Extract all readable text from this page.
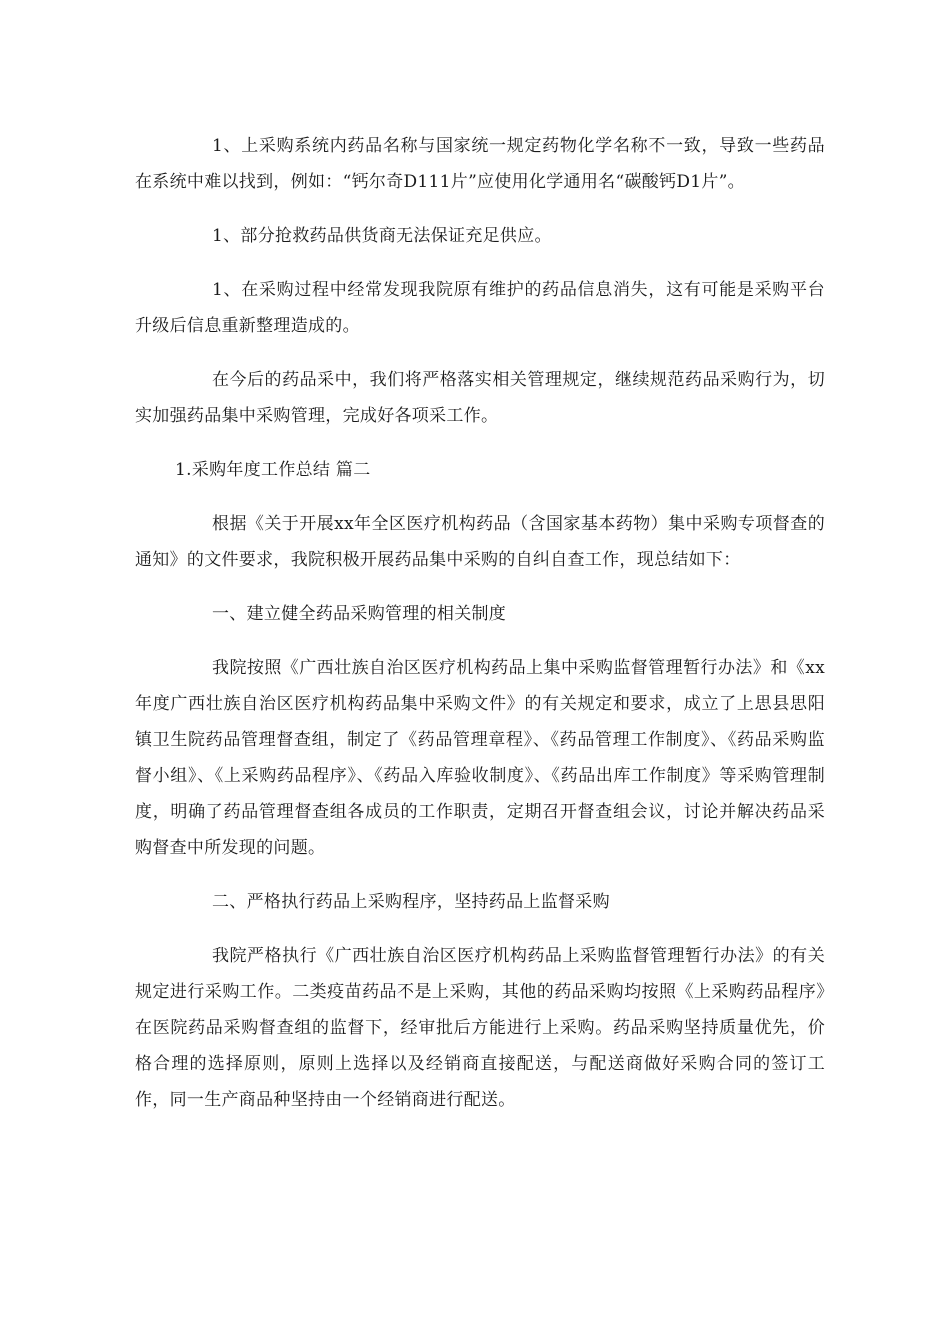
1、上采购系统内药品名称与国家统一规定药物化学名称不一致，导致一些药品在系统中难以找到，例如：“钙尔奇D111片”应使用化学通用名“碳酸钙D1片”。

1、部分抢救药品供货商无法保证充足供应。

1、在采购过程中经常发现我院原有维护的药品信息消失，这有可能是采购平台升级后信息重新整理造成的。

在今后的药品采中，我们将严格落实相关管理规定，继续规范药品采购行为，切实加强药品集中采购管理，完成好各项采工作。

1.采购年度工作总结 篇二

根据《关于开展xx年全区医疗机构药品（含国家基本药物）集中采购专项督查的通知》的文件要求，我院积极开展药品集中采购的自纠自查工作，现总结如下：

一、建立健全药品采购管理的相关制度

我院按照《广西壮族自治区医疗机构药品上集中采购监督管理暂行办法》和《xx年度广西壮族自治区医疗机构药品集中采购文件》的有关规定和要求，成立了上思县思阳镇卫生院药品管理督查组，制定了《药品管理章程》、《药品管理工作制度》、《药品采购监督小组》、《上采购药品程序》、《药品入库验收制度》、《药品出库工作制度》等采购管理制度，明确了药品管理督查组各成员的工作职责，定期召开督查组会议，讨论并解决药品采购督查中所发现的问题。

二、严格执行药品上采购程序，坚持药品上监督采购

我院严格执行《广西壮族自治区医疗机构药品上采购监督管理暂行办法》的有关规定进行采购工作。二类疫苗药品不是上采购，其他的药品采购均按照《上采购药品程序》在医院药品采购督查组的监督下，经审批后方能进行上采购。药品采购坚持质量优先，价格合理的选择原则，原则上选择以及经销商直接配送，与配送商做好采购合同的签订工作，同一生产商品种坚持由一个经销商进行配送。
